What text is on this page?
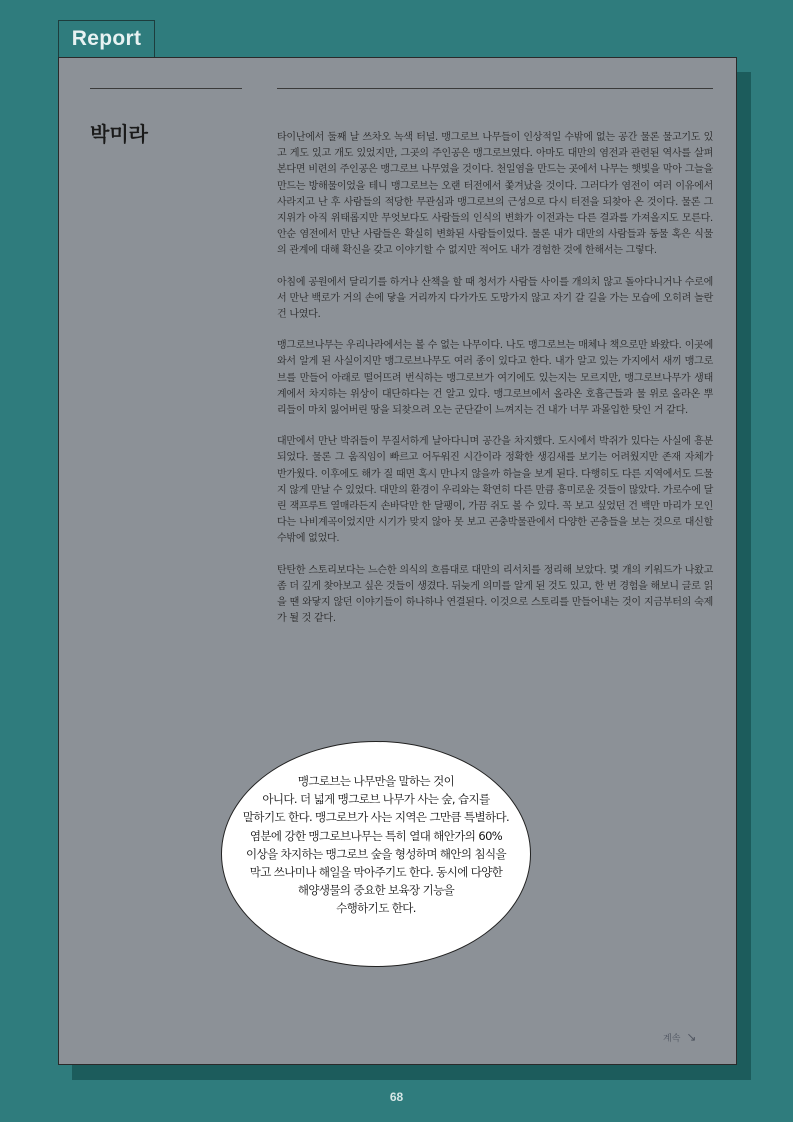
Report
박미라	타이난에서 둘째 날 쓰차오 녹색 터널. 맹그로브 나무들이 인상적일 수밖에 없는 공간 물론 물고기도 있고 게도 있고 개도 있었지만, 그곳의 주인공은 맹그로브였다. 아마도 대만의 염전과 관련된 역사를 살펴본다면 비련의 주인공은 맹그로브 나무였을 것이다. 천일염을 만드는 곳에서 나무는 햇빛을 막아 그늘을 만드는 방해물이었을 테니 맹그로브는 오랜 터전에서 쫓겨났을 것이다. 그러다가 염전이 여러 이유에서 사라지고 난 후 사람들의 적당한 무관심과 맹그로브의 근성으로 다시 터전을 되찾아 온 것이다. 물론 그 지위가 아직 위태롭지만 무엇보다도 사람들의 인식의 변화가 이전과는 다른 결과를 가져올지도 모른다. 안순 염전에서 만난 사람들은 확실히 변화된 사람들이었다. 물론 내가 대만의 사람들과 동물 혹은 식물의 관계에 대해 확신을 갖고 이야기할 수 없지만 적어도 내가 경험한 것에 한해서는 그렇다.

아침에 공원에서 달리기를 하거나 산책을 할 때 청서가 사람들 사이를 개의치 않고 돌아다니거나 수로에서 만난 백로가 거의 손에 닿을 거리까지 다가가도 도망가지 않고 자기 갈 길을 가는 모습에 오히려 놀란 건 나였다.

맹그로브나무는 우리나라에서는 볼 수 없는 나무이다. 나도 맹그로브는 매체나 책으로만 봐왔다. 이곳에 와서 알게 된 사실이지만 맹그로브나무도 여러 종이 있다고 한다. 내가 알고 있는 가지에서 새끼 맹그로브를 만들어 아래로 떨어뜨려 번식하는 맹그로브가 여기에도 있는지는 모르지만, 맹그로브나무가 생태계에서 차지하는 위상이 대단하다는 건 알고 있다. 맹그로브에서 올라온 호흡근들과 물 위로 올라온 뿌리들이 마치 잃어버린 땅을 되찾으려 오는 군단같이 느껴지는 건 내가 너무 과몰입한 탓인 거 같다.

대만에서 만난 박쥐들이 무질서하게 날아다니며 공간을 차지했다. 도시에서 박쥐가 있다는 사실에 흥분되었다. 물론 그 움직임이 빠르고 어두워진 시간이라 정확한 생김새를 보기는 어려웠지만 존재 자체가 반가웠다. 이후에도 해가 질 때면 혹시 만나지 않을까 하늘을 보게 된다. 다행히도 다른 지역에서도 드물지 않게 만날 수 있었다. 대만의 환경이 우리와는 확연히 다른 만큼 흥미로운 것들이 많았다. 가로수에 달린 잭프루트 열매라든지 손바닥만 한 달팽이, 가끔 쥐도 볼 수 있다. 꼭 보고 싶었던 건 백만 마리가 모인다는 나비계곡이었지만 시기가 맞지 않아 못 보고 곤충박물관에서 다양한 곤충들을 보는 것으로 대신할 수밖에 없었다.

탄탄한 스토리보다는 느슨한 의식의 흐름대로 대만의 리서치를 정리해 보았다. 몇 개의 키워드가 나왔고 좀 더 깊게 찾아보고 싶은 것들이 생겼다. 뒤늦게 의미를 알게 된 것도 있고, 한 번 경험을 해보니 글로 읽을 땐 와닿지 않던 이야기들이 하나하나 연결된다. 이것으로 스토리를 만들어내는 것이 지금부터의 숙제가 될 것 같다.

맹그로브는 나무만을 말하는 것이
아니다. 더 넓게 맹그로브 나무가 사는 숲, 습지를
말하기도 한다. 맹그로브가 사는 지역은 그만큼 특별하다.
염분에 강한 맹그로브나무는 특히 열대 해안가의 60%
이상을 차지하는 맹그로브 숲을 형성하며 해안의 침식을
막고 쓰나미나 해일을 막아주기도 한다. 동시에 다양한
해양생물의 중요한 보육장 기능을
수행하기도 한다.
계속 ↘
68
